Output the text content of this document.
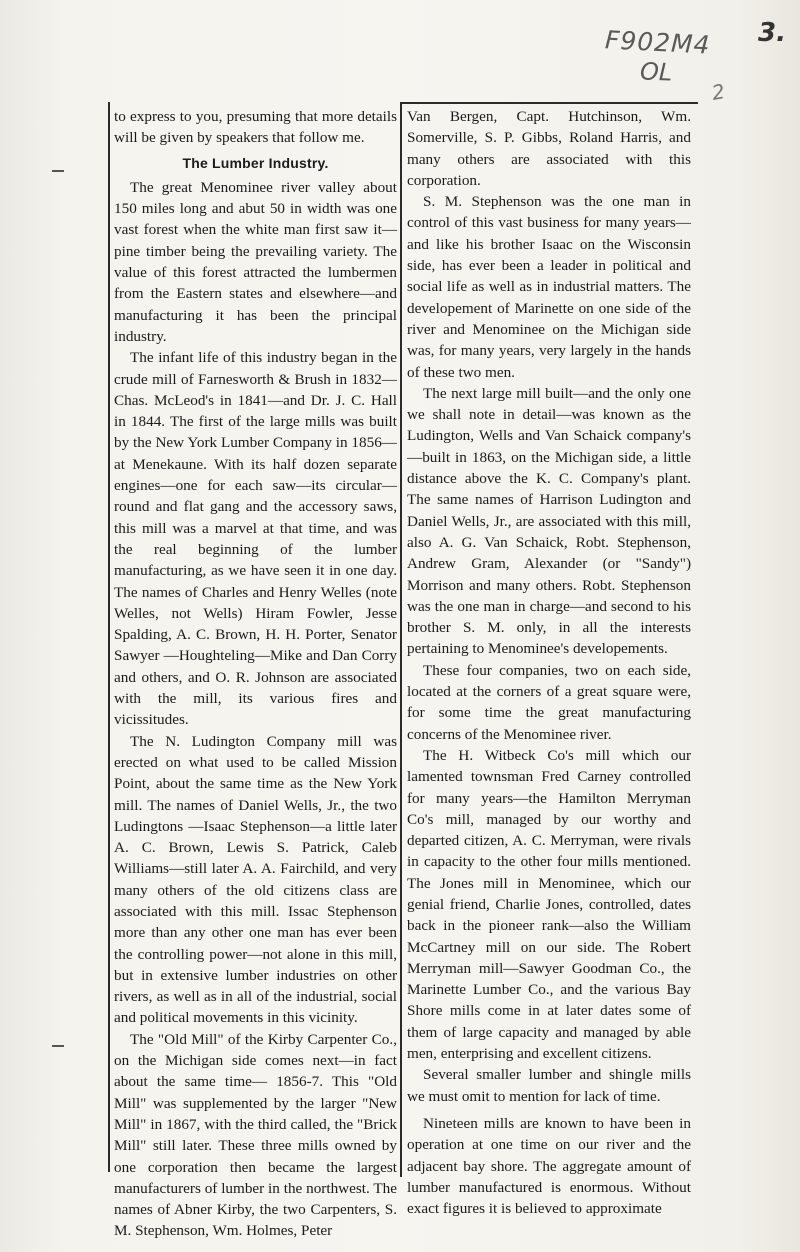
F902M4
OL
3.
2

to express to you, presuming that more details will be given by speakers that follow me.

The Lumber Industry.

The great Menominee river valley about 150 miles long and abut 50 in width was one vast forest when the white man first saw it—pine timber being the prevailing variety. The value of this forest attracted the lumbermen from the Eastern states and elsewhere—and manufacturing it has been the principal industry.

The infant life of this industry began in the crude mill of Farnesworth & Brush in 1832—Chas. McLeod's in 1841—and Dr. J. C. Hall in 1844. The first of the large mills was built by the New York Lumber Company in 1856—at Menekaune. With its half dozen separate engines—one for each saw—its circular—round and flat gang and the accessory saws, this mill was a marvel at that time, and was the real beginning of the lumber manufacturing, as we have seen it in one day. The names of Charles and Henry Welles (note Welles, not Wells) Hiram Fowler, Jesse Spalding, A. C. Brown, H. H. Porter, Senator Sawyer —Houghteling—Mike and Dan Corry and others, and O. R. Johnson are associated with the mill, its various fires and vicissitudes.

The N. Ludington Company mill was erected on what used to be called Mission Point, about the same time as the New York mill. The names of Daniel Wells, Jr., the two Ludingtons —Isaac Stephenson—a little later A. C. Brown, Lewis S. Patrick, Caleb Williams—still later A. A. Fairchild, and very many others of the old citizens class are associated with this mill. Issac Stephenson more than any other one man has ever been the controlling power—not alone in this mill, but in extensive lumber industries on other rivers, as well as in all of the industrial, social and political movements in this vicinity.

The "Old Mill" of the Kirby Carpenter Co., on the Michigan side comes next—in fact about the same time— 1856-7. This "Old Mill" was supplemented by the larger "New Mill" in 1867, with the third called, the "Brick Mill" still later. These three mills owned by one corporation then became the largest manufacturers of lumber in the northwest. The names of Abner Kirby, the two Carpenters, S. M. Stephenson, Wm. Holmes, Peter

Van Bergen, Capt. Hutchinson, Wm. Somerville, S. P. Gibbs, Roland Harris, and many others are associated with this corporation.

S. M. Stephenson was the one man in control of this vast business for many years—and like his brother Isaac on the Wisconsin side, has ever been a leader in political and social life as well as in industrial matters. The developement of Marinette on one side of the river and Menominee on the Michigan side was, for many years, very largely in the hands of these two men.

The next large mill built—and the only one we shall note in detail—was known as the Ludington, Wells and Van Schaick company's—built in 1863, on the Michigan side, a little distance above the K. C. Company's plant. The same names of Harrison Ludington and Daniel Wells, Jr., are associated with this mill, also A. G. Van Schaick, Robt. Stephenson, Andrew Gram, Alexander (or "Sandy") Morrison and many others. Robt. Stephenson was the one man in charge—and second to his brother S. M. only, in all the interests pertaining to Menominee's developements.

These four companies, two on each side, located at the corners of a great square were, for some time the great manufacturing concerns of the Menominee river.

The H. Witbeck Co's mill which our lamented townsman Fred Carney controlled for many years—the Hamilton Merryman Co's mill, managed by our worthy and departed citizen, A. C. Merryman, were rivals in capacity to the other four mills mentioned. The Jones mill in Menominee, which our genial friend, Charlie Jones, controlled, dates back in the pioneer rank—also the William McCartney mill on our side. The Robert Merryman mill—Sawyer Goodman Co., the Marinette Lumber Co., and the various Bay Shore mills come in at later dates some of them of large capacity and managed by able men, enterprising and excellent citizens.

Several smaller lumber and shingle mills we must omit to mention for lack of time.

Nineteen mills are known to have been in operation at one time on our river and the adjacent bay shore. The aggregate amount of lumber manufactured is enormous. Without exact figures it is believed to approximate
